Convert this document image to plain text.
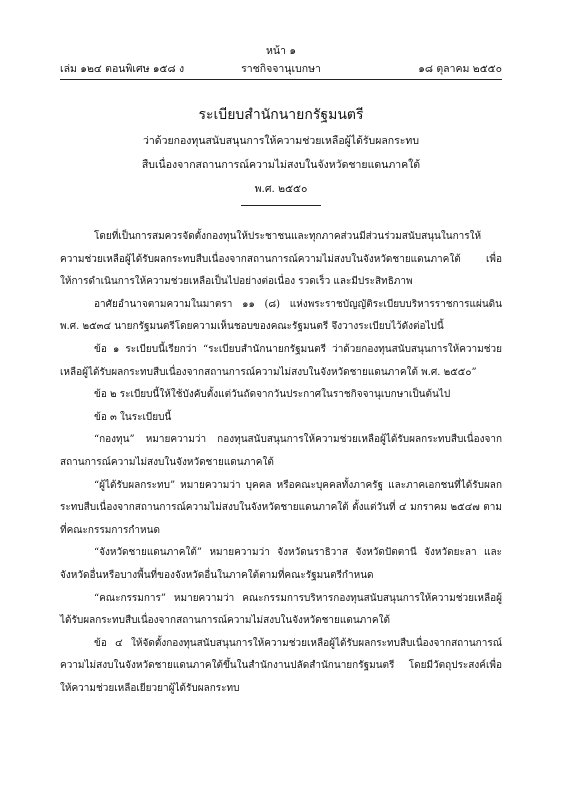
หน้า ๑
เล่ม ๑๒๔ ตอนพิเศษ ๑๕๘ ง	ราชกิจจานุเบกษา	๑๘ ตุลาคม ๒๕๕๐
ระเบียบสำนักนายกรัฐมนตรี
ว่าด้วยกองทุนสนับสนุนการให้ความช่วยเหลือผู้ได้รับผลกระทบ
สืบเนื่องจากสถานการณ์ความไม่สงบในจังหวัดชายแดนภาคใต้
พ.ศ. ๒๕๕๐

โดยที่เป็นการสมควรจัดตั้งกองทุนให้ประชาชนและทุกภาคส่วนมีส่วนร่วมสนับสนุนในการให้ความช่วยเหลือผู้ได้รับผลกระทบสืบเนื่องจากสถานการณ์ความไม่สงบในจังหวัดชายแดนภาคใต้ เพื่อให้การดำเนินการให้ความช่วยเหลือเป็นไปอย่างต่อเนื่อง รวดเร็ว และมีประสิทธิภาพ

อาศัยอำนาจตามความในมาตรา ๑๑ (๘) แห่งพระราชบัญญัติระเบียบบริหารราชการแผ่นดิน พ.ศ. ๒๕๓๔ นายกรัฐมนตรีโดยความเห็นชอบของคณะรัฐมนตรี จึงวางระเบียบไว้ดังต่อไปนี้

ข้อ ๑ ระเบียบนี้เรียกว่า “ระเบียบสำนักนายกรัฐมนตรี ว่าด้วยกองทุนสนับสนุนการให้ความช่วยเหลือผู้ได้รับผลกระทบสืบเนื่องจากสถานการณ์ความไม่สงบในจังหวัดชายแดนภาคใต้ พ.ศ. ๒๕๕๐”

ข้อ ๒ ระเบียบนี้ให้ใช้บังคับตั้งแต่วันถัดจากวันประกาศในราชกิจจานุเบกษาเป็นต้นไป

ข้อ ๓ ในระเบียบนี้

“กองทุน” หมายความว่า กองทุนสนับสนุนการให้ความช่วยเหลือผู้ได้รับผลกระทบสืบเนื่องจากสถานการณ์ความไม่สงบในจังหวัดชายแดนภาคใต้

“ผู้ได้รับผลกระทบ” หมายความว่า บุคคล หรือคณะบุคคลทั้งภาครัฐ และภาคเอกชนที่ได้รับผลกระทบสืบเนื่องจากสถานการณ์ความไม่สงบในจังหวัดชายแดนภาคใต้ ตั้งแต่วันที่ ๔ มกราคม ๒๕๔๗ ตามที่คณะกรรมการกำหนด

“จังหวัดชายแดนภาคใต้” หมายความว่า จังหวัดนราธิวาส จังหวัดปัตตานี จังหวัดยะลา และจังหวัดอื่นหรือบางพื้นที่ของจังหวัดอื่นในภาคใต้ตามที่คณะรัฐมนตรีกำหนด

“คณะกรรมการ” หมายความว่า คณะกรรมการบริหารกองทุนสนับสนุนการให้ความช่วยเหลือผู้ได้รับผลกระทบสืบเนื่องจากสถานการณ์ความไม่สงบในจังหวัดชายแดนภาคใต้

ข้อ ๔ ให้จัดตั้งกองทุนสนับสนุนการให้ความช่วยเหลือผู้ได้รับผลกระทบสืบเนื่องจากสถานการณ์ความไม่สงบในจังหวัดชายแดนภาคใต้ขึ้นในสำนักงานปลัดสำนักนายกรัฐมนตรี โดยมีวัตถุประสงค์เพื่อให้ความช่วยเหลือเยียวยาผู้ได้รับผลกระทบ
